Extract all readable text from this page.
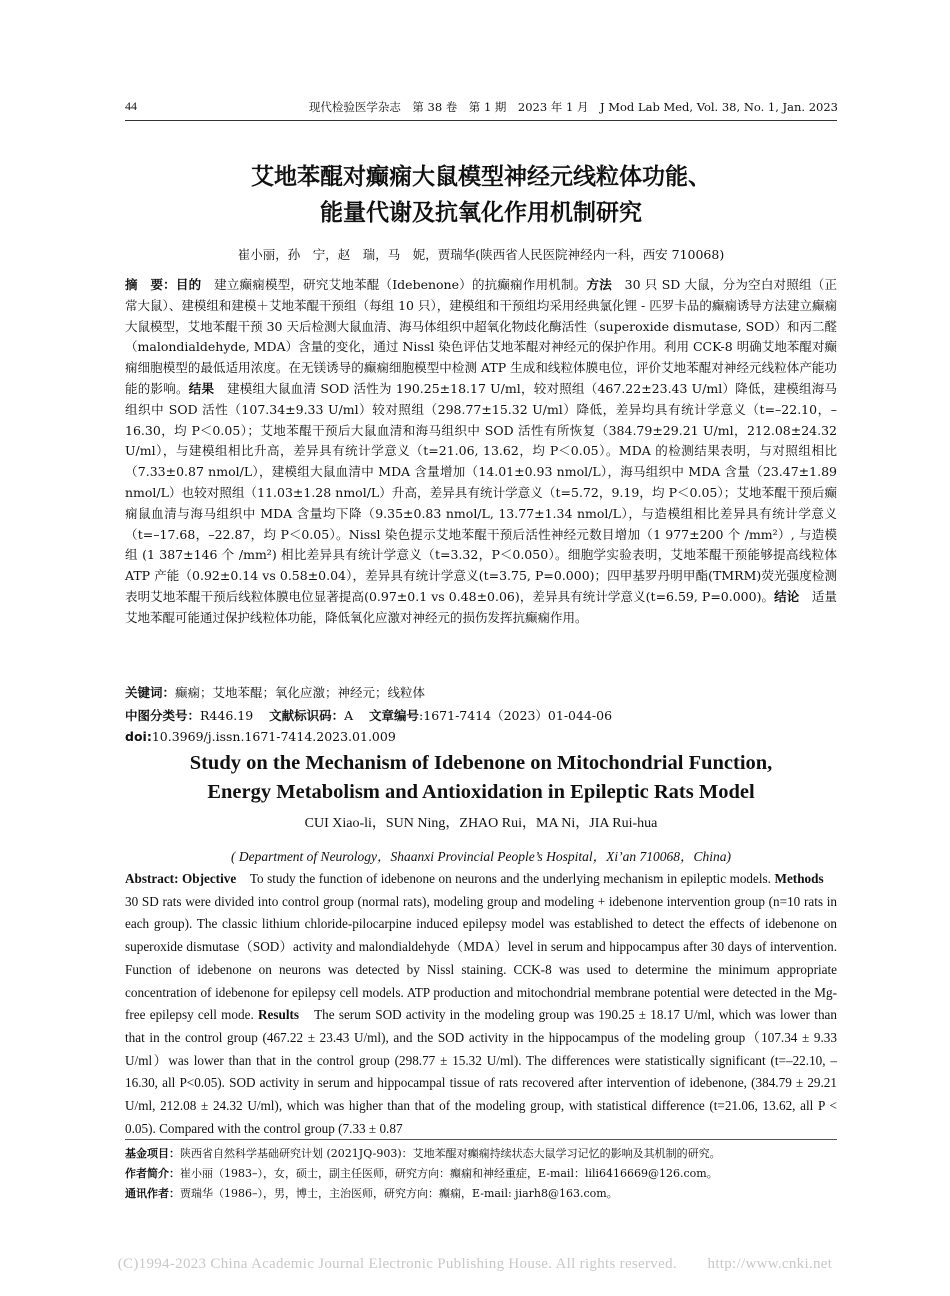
44	现代检验医学杂志　第 38 卷　第 1 期　2023 年 1 月　J Mod Lab Med, Vol. 38, No. 1, Jan. 2023
艾地苯醌对癫痫大鼠模型神经元线粒体功能、
能量代谢及抗氧化作用机制研究
崔小丽，孙　宁，赵　瑞，马　妮，贾瑞华(陕西省人民医院神经内一科，西安 710068)
摘　要：目的　建立癫痫模型，研究艾地苯醌（Idebenone）的抗癫痫作用机制。方法　30 只 SD 大鼠，分为空白对照组（正常大鼠）、建模组和建模＋艾地苯醌干预组（每组 10 只），建模组和干预组均采用经典氯化锂 - 匹罗卡品的癫痫诱导方法建立癫痫大鼠模型，艾地苯醌干预 30 天后检测大鼠血清、海马体组织中超氧化物歧化酶活性（superoxide dismutase, SOD）和丙二醛（malondialdehyde, MDA）含量的变化，通过 Nissl 染色评估艾地苯醌对神经元的保护作用。利用 CCK-8 明确艾地苯醌对癫痫细胞模型的最低适用浓度。在无镁诱导的癫痫细胞模型中检测 ATP 生成和线粒体膜电位，评价艾地苯醌对神经元线粒体产能功能的影响。结果　建模组大鼠血清 SOD 活性为 190.25±18.17 U/ml，较对照组（467.22±23.43 U/ml）降低，建模组海马组织中 SOD 活性（107.34±9.33 U/ml）较对照组（298.77±15.32 U/ml）降低，差异均具有统计学意义（t=–22.10，–16.30，均 P＜0.05）；艾地苯醌干预后大鼠血清和海马组织中 SOD 活性有所恢复（384.79±29.21 U/ml，212.08±24.32 U/ml），与建模组相比升高，差异具有统计学意义（t=21.06, 13.62，均 P＜0.05）。MDA 的检测结果表明，与对照组相比（7.33±0.87 nmol/L），建模组大鼠血清中 MDA 含量增加（14.01±0.93 nmol/L），海马组织中 MDA 含量（23.47±1.89 nmol/L）也较对照组（11.03±1.28 nmol/L）升高，差异具有统计学意义（t=5.72，9.19，均 P＜0.05）；艾地苯醌干预后癫痫鼠血清与海马组织中 MDA 含量均下降（9.35±0.83 nmol/L, 13.77±1.34 nmol/L），与造模组相比差异具有统计学意义（t=–17.68，–22.87，均 P＜0.05）。Nissl 染色提示艾地苯醌干预后活性神经元数目增加（1 977±200 个 /mm²）, 与造模组 (1 387±146 个 /mm²) 相比差异具有统计学意义（t=3.32，P＜0.050）。细胞学实验表明，艾地苯醌干预能够提高线粒体 ATP 产能（0.92±0.14 vs 0.58±0.04），差异具有统计学意义(t=3.75, P=0.000)；四甲基罗丹明甲酯(TMRM)荧光强度检测表明艾地苯醌干预后线粒体膜电位显著提高(0.97±0.1 vs 0.48±0.06)，差异具有统计学意义(t=6.59, P=0.000)。结论　适量艾地苯醌可能通过保护线粒体功能，降低氧化应激对神经元的损伤发挥抗癫痫作用。
关键词：癫痫；艾地苯醌；氧化应激；神经元；线粒体
中图分类号：R446.19 文献标识码：A 文章编号:1671-7414（2023）01-044-06
doi:10.3969/j.issn.1671-7414.2023.01.009
Study on the Mechanism of Idebenone on Mitochondrial Function,
Energy Metabolism and Antioxidation in Epileptic Rats Model
CUI Xiao-li，SUN Ning，ZHAO Rui，MA Ni，JIA Rui-hua
( Department of Neurology，Shaanxi Provincial People’s Hospital，Xi’an 710068，China)
Abstract: Objective　To study the function of idebenone on neurons and the underlying mechanism in epileptic models. Methods　30 SD rats were divided into control group (normal rats), modeling group and modeling + idebenone intervention group (n=10 rats in each group). The classic lithium chloride-pilocarpine induced epilepsy model was established to detect the effects of idebenone on superoxide dismutase（SOD）activity and malondialdehyde（MDA）level in serum and hippocampus after 30 days of intervention. Function of idebenone on neurons was detected by Nissl staining. CCK-8 was used to determine the minimum appropriate concentration of idebenone for epilepsy cell models. ATP production and mitochondrial membrane potential were detected in the Mg-free epilepsy cell mode. Results　The serum SOD activity in the modeling group was 190.25 ± 18.17 U/ml, which was lower than that in the control group (467.22 ± 23.43 U/ml), and the SOD activity in the hippocampus of the modeling group（107.34 ± 9.33 U/ml）was lower than that in the control group (298.77 ± 15.32 U/ml). The differences were statistically significant (t=–22.10, –16.30, all P<0.05). SOD activity in serum and hippocampal tissue of rats recovered after intervention of idebenone, (384.79 ± 29.21 U/ml, 212.08 ± 24.32 U/ml), which was higher than that of the modeling group, with statistical difference (t=21.06, 13.62, all P < 0.05). Compared with the control group (7.33 ± 0.87
基金项目：陕西省自然科学基础研究计划 (2021JQ-903)：艾地苯醌对癫痫持续状态大鼠学习记忆的影响及其机制的研究。
作者简介：崔小丽（1983–），女，硕士，副主任医师，研究方向：癫痫和神经重症，E-mail：lili6416669@126.com。
通讯作者：贾瑞华（1986–），男，博士，主治医师，研究方向：癫痫，E-mail: jiarh8@163.com。
(C)1994-2023 China Academic Journal Electronic Publishing House. All rights reserved.　　http://www.cnki.net
